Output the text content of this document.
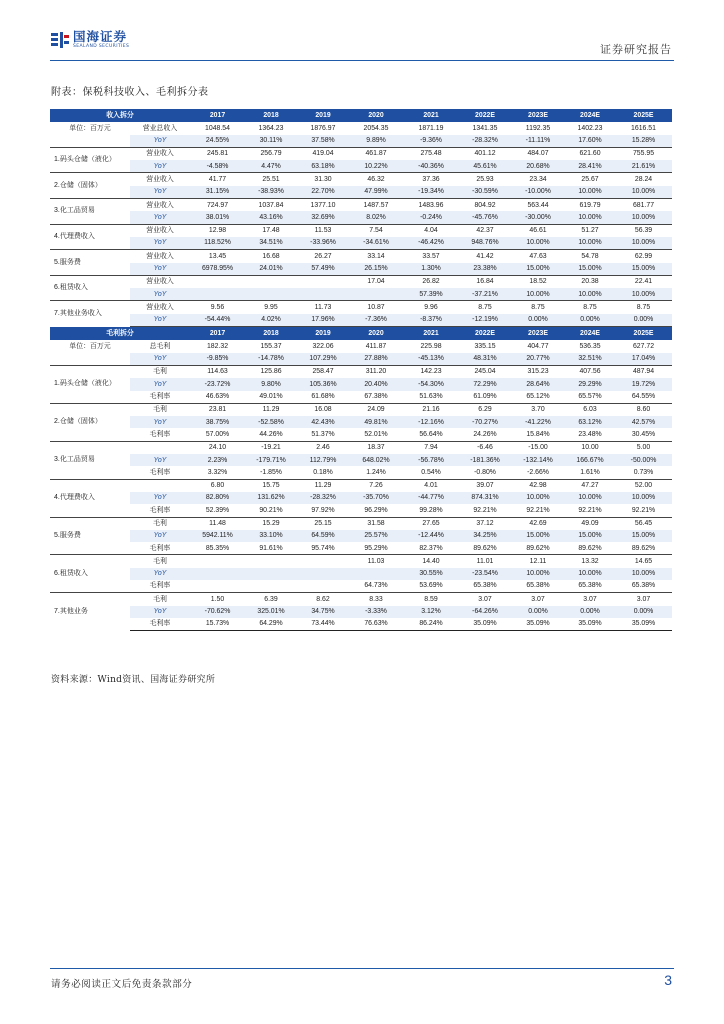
国海证券
SEALAND SECURITIES	证券研究报告
附表：保税科技收入、毛利拆分表
收入拆分		2017	2018	2019	2020	2021	2022E	2023E	2024E	2025E
单位：百万元	营业总收入	1048.54	1364.23	1876.97	2054.35	1871.19	1341.35	1192.35	1402.23	1616.51
	YoY	24.55%	30.11%	37.58%	9.89%	-9.36%	-28.32%	-11.11%	17.60%	15.28%
1.码头仓储（液化）	营业收入	245.81	256.79	419.04	461.87	275.48	401.12	484.07	621.60	755.95
	YoY	-4.58%	4.47%	63.18%	10.22%	-40.36%	45.61%	20.68%	28.41%	21.61%
2.仓储（固体）	营业收入	41.77	25.51	31.30	46.32	37.36	25.93	23.34	25.67	28.24
	YoY	31.15%	-38.93%	22.70%	47.99%	-19.34%	-30.59%	-10.00%	10.00%	10.00%
3.化工品贸易	营业收入	724.97	1037.84	1377.10	1487.57	1483.96	804.92	563.44	619.79	681.77
	YoY	38.01%	43.16%	32.69%	8.02%	-0.24%	-45.76%	-30.00%	10.00%	10.00%
4.代理费收入	营业收入	12.98	17.48	11.53	7.54	4.04	42.37	46.61	51.27	56.39
	YoY	118.52%	34.51%	-33.96%	-34.61%	-46.42%	948.76%	10.00%	10.00%	10.00%
5.服务费	营业收入	13.45	16.68	26.27	33.14	33.57	41.42	47.63	54.78	62.99
	YoY	6978.95%	24.01%	57.49%	26.15%	1.30%	23.38%	15.00%	15.00%	15.00%
6.租赁收入	营业收入				17.04	26.82	16.84	18.52	20.38	22.41
	YoY					57.39%	-37.21%	10.00%	10.00%	10.00%
7.其他业务收入	营业收入	9.56	9.95	11.73	10.87	9.96	8.75	8.75	8.75	8.75
	YoY	-54.44%	4.02%	17.96%	-7.36%	-8.37%	-12.19%	0.00%	0.00%	0.00%
毛利拆分		2017	2018	2019	2020	2021	2022E	2023E	2024E	2025E
单位：百万元	总毛利	182.32	155.37	322.06	411.87	225.98	335.15	404.77	536.35	627.72
	YoY	-9.85%	-14.78%	107.29%	27.88%	-45.13%	48.31%	20.77%	32.51%	17.04%
1.码头仓储（液化）	毛利	114.63	125.86	258.47	311.20	142.23	245.04	315.23	407.56	487.94
	YoY	-23.72%	9.80%	105.36%	20.40%	-54.30%	72.29%	28.64%	29.29%	19.72%
	毛利率	46.63%	49.01%	61.68%	67.38%	51.63%	61.09%	65.12%	65.57%	64.55%
2.仓储（固体）	毛利	23.81	11.29	16.08	24.09	21.16	6.29	3.70	6.03	8.60
	YoY	38.75%	-52.58%	42.43%	49.81%	-12.16%	-70.27%	-41.22%	63.12%	42.57%
	毛利率	57.00%	44.26%	51.37%	52.01%	56.64%	24.26%	15.84%	23.48%	30.45%
3.化工品贸易		24.10	-19.21	2.46	18.37	7.94	-6.46	-15.00	10.00	5.00
	YoY	2.23%	-179.71%	112.79%	648.02%	-56.78%	-181.36%	-132.14%	166.67%	-50.00%
	毛利率	3.32%	-1.85%	0.18%	1.24%	0.54%	-0.80%	-2.66%	1.61%	0.73%
4.代理费收入		6.80	15.75	11.29	7.26	4.01	39.07	42.98	47.27	52.00
	YoY	82.80%	131.62%	-28.32%	-35.70%	-44.77%	874.31%	10.00%	10.00%	10.00%
	毛利率	52.39%	90.21%	97.92%	96.29%	99.28%	92.21%	92.21%	92.21%	92.21%
5.服务费	毛利	11.48	15.29	25.15	31.58	27.65	37.12	42.69	49.09	56.45
	YoY	5942.11%	33.10%	64.59%	25.57%	-12.44%	34.25%	15.00%	15.00%	15.00%
	毛利率	85.35%	91.61%	95.74%	95.29%	82.37%	89.62%	89.62%	89.62%	89.62%
6.租赁收入	毛利				11.03	14.40	11.01	12.11	13.32	14.65
	YoY					30.55%	-23.54%	10.00%	10.00%	10.00%
	毛利率				64.73%	53.69%	65.38%	65.38%	65.38%	65.38%
7.其他业务	毛利	1.50	6.39	8.62	8.33	8.59	3.07	3.07	3.07	3.07
	YoY	-70.62%	325.01%	34.75%	-3.33%	3.12%	-64.26%	0.00%	0.00%	0.00%
	毛利率	15.73%	64.29%	73.44%	76.63%	86.24%	35.09%	35.09%	35.09%	35.09%
资料来源：Wind资讯、国海证券研究所
请务必阅读正文后免责条款部分	3
